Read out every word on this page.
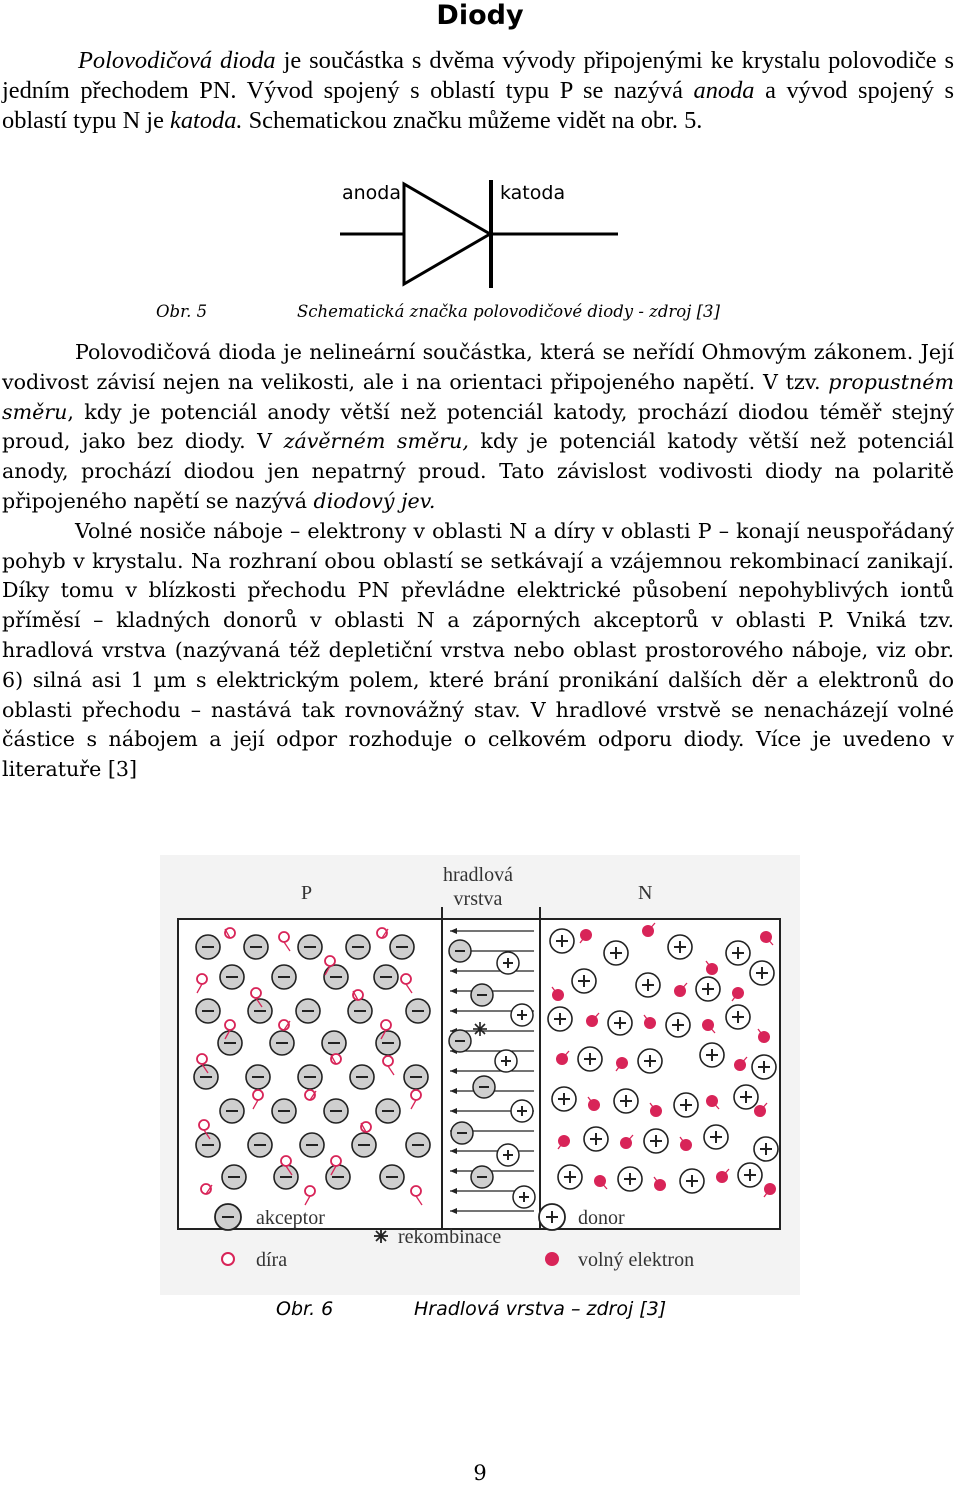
Diody

Polovodičová dioda je součástka s dvěma vývody připojenými ke krystalu polovodiče s jedním přechodem PN. Vývod spojený s oblastí typu P se nazývá anoda a vývod spojený s oblastí typu N je katoda. Schematickou značku můžeme vidět na obr. 5.

anoda	katoda
Obr. 5	Schematická značka polovodičové diody - zdroj [3]

Polovodičová dioda je nelineární součástka, která se neřídí Ohmovým zákonem. Její vodivost závisí nejen na velikosti, ale i na orientaci připojeného napětí. V tzv. propustném směru, kdy je potenciál anody větší než potenciál katody, prochází diodou téměř stejný proud, jako bez diody. V závěrném směru, kdy je potenciál katody větší než potenciál anody, prochází diodou jen nepatrný proud. Tato závislost vodivosti diody na polaritě připojeného napětí se nazývá diodový jev.
Volné nosiče náboje – elektrony v oblasti N a díry v oblasti P – konají neuspořádaný pohyb v krystalu. Na rozhraní obou oblastí se setkávají a vzájemnou rekombinací zanikají. Díky tomu v blízkosti přechodu PN převládne elektrické působení nepohyblivých iontů příměsí – kladných donorů v oblasti N a záporných akceptorů v oblasti P. Vniká tzv. hradlová vrstva (nazývaná též depletiční vrstva nebo oblast prostorového náboje, viz obr. 6) silná asi 1 µm s elektrickým polem, které brání pronikání dalších děr a elektronů do oblasti přechodu – nastává tak rovnovážný stav. V hradlové vrstvě se nenacházejí volné částice s nábojem a její odpor rozhoduje o celkovém odporu diody. Více je uvedeno v literatuře [3]

P	N
hradlová
vrstva
akceptor
díra
rekombinace
donor
volný elektron
Obr. 6	Hradlová vrstva – zdroj [3]
9
